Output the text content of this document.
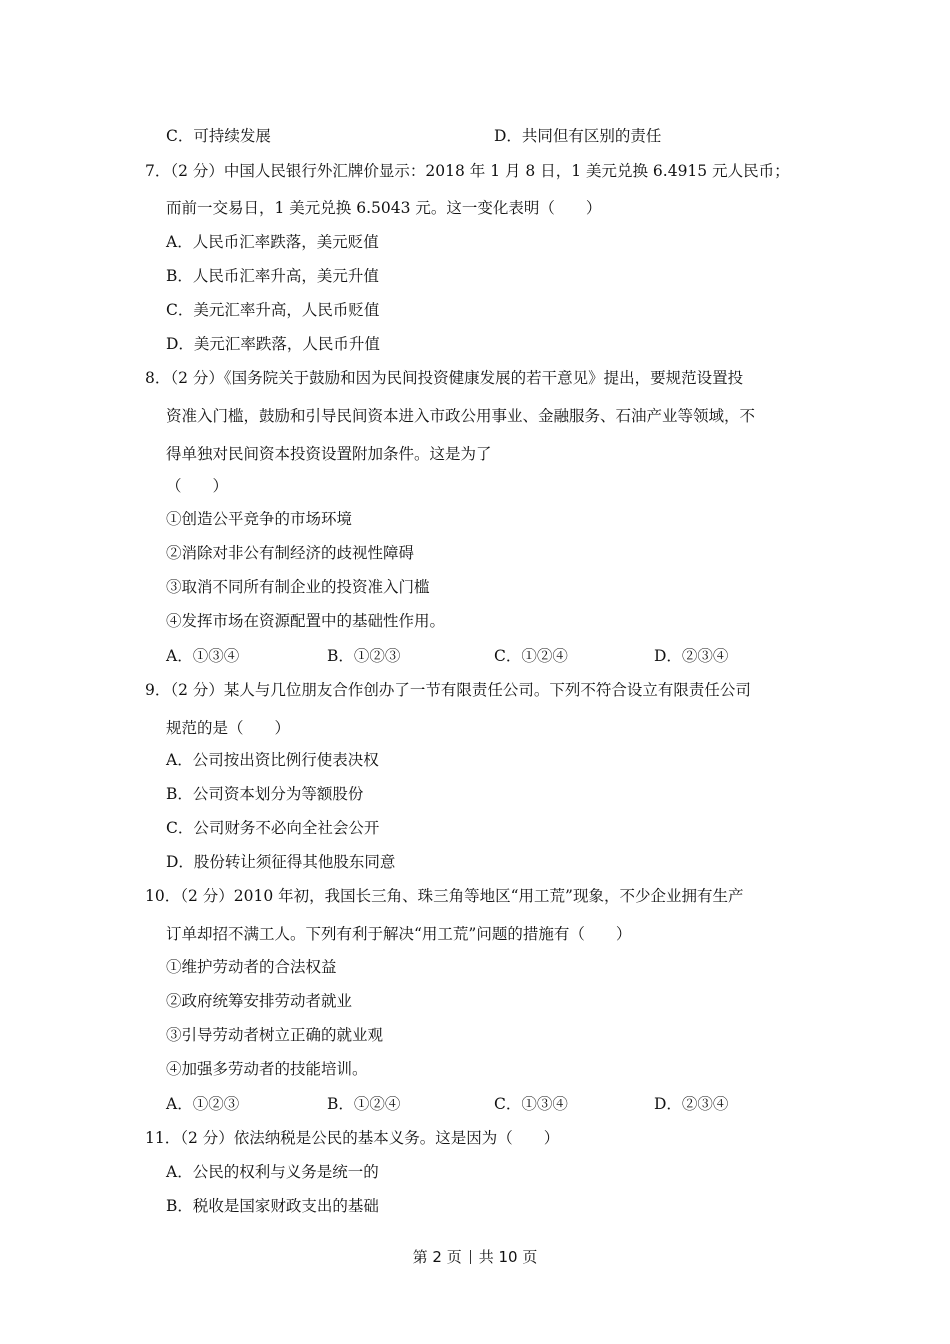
C．可持续发展	D．共同但有区别的责任
7．（2 分）中国人民银行外汇牌价显示：2018 年 1 月 8 日，1 美元兑换 6.4915 元人民币；
而前一交易日，1 美元兑换 6.5043 元。这一变化表明（　　）
A．人民币汇率跌落，美元贬值
B．人民币汇率升高，美元升值
C．美元汇率升高，人民币贬值
D．美元汇率跌落，人民币升值
8．（2 分）《国务院关于鼓励和因为民间投资健康发展的若干意见》提出，要规范设置投
资准入门槛，鼓励和引导民间资本进入市政公用事业、金融服务、石油产业等领域，不
得单独对民间资本投资设置附加条件。这是为了
（　　）
①创造公平竞争的市场环境
②消除对非公有制经济的歧视性障碍
③取消不同所有制企业的投资准入门槛
④发挥市场在资源配置中的基础性作用。
A．①③④	B．①②③	C．①②④	D．②③④
9．（2 分）某人与几位朋友合作创办了一节有限责任公司。下列不符合设立有限责任公司
规范的是（　　）
A．公司按出资比例行使表决权
B．公司资本划分为等额股份
C．公司财务不必向全社会公开
D．股份转让须征得其他股东同意
10．（2 分）2010 年初，我国长三角、珠三角等地区“用工荒”现象，不少企业拥有生产
订单却招不满工人。下列有利于解决“用工荒”问题的措施有（　　）
①维护劳动者的合法权益
②政府统筹安排劳动者就业
③引导劳动者树立正确的就业观
④加强多劳动者的技能培训。
A．①②③	B．①②④	C．①③④	D．②③④
11．（2 分）依法纳税是公民的基本义务。这是因为（　　）
A．公民的权利与义务是统一的
B．税收是国家财政支出的基础
第 2 页 共 10 页
